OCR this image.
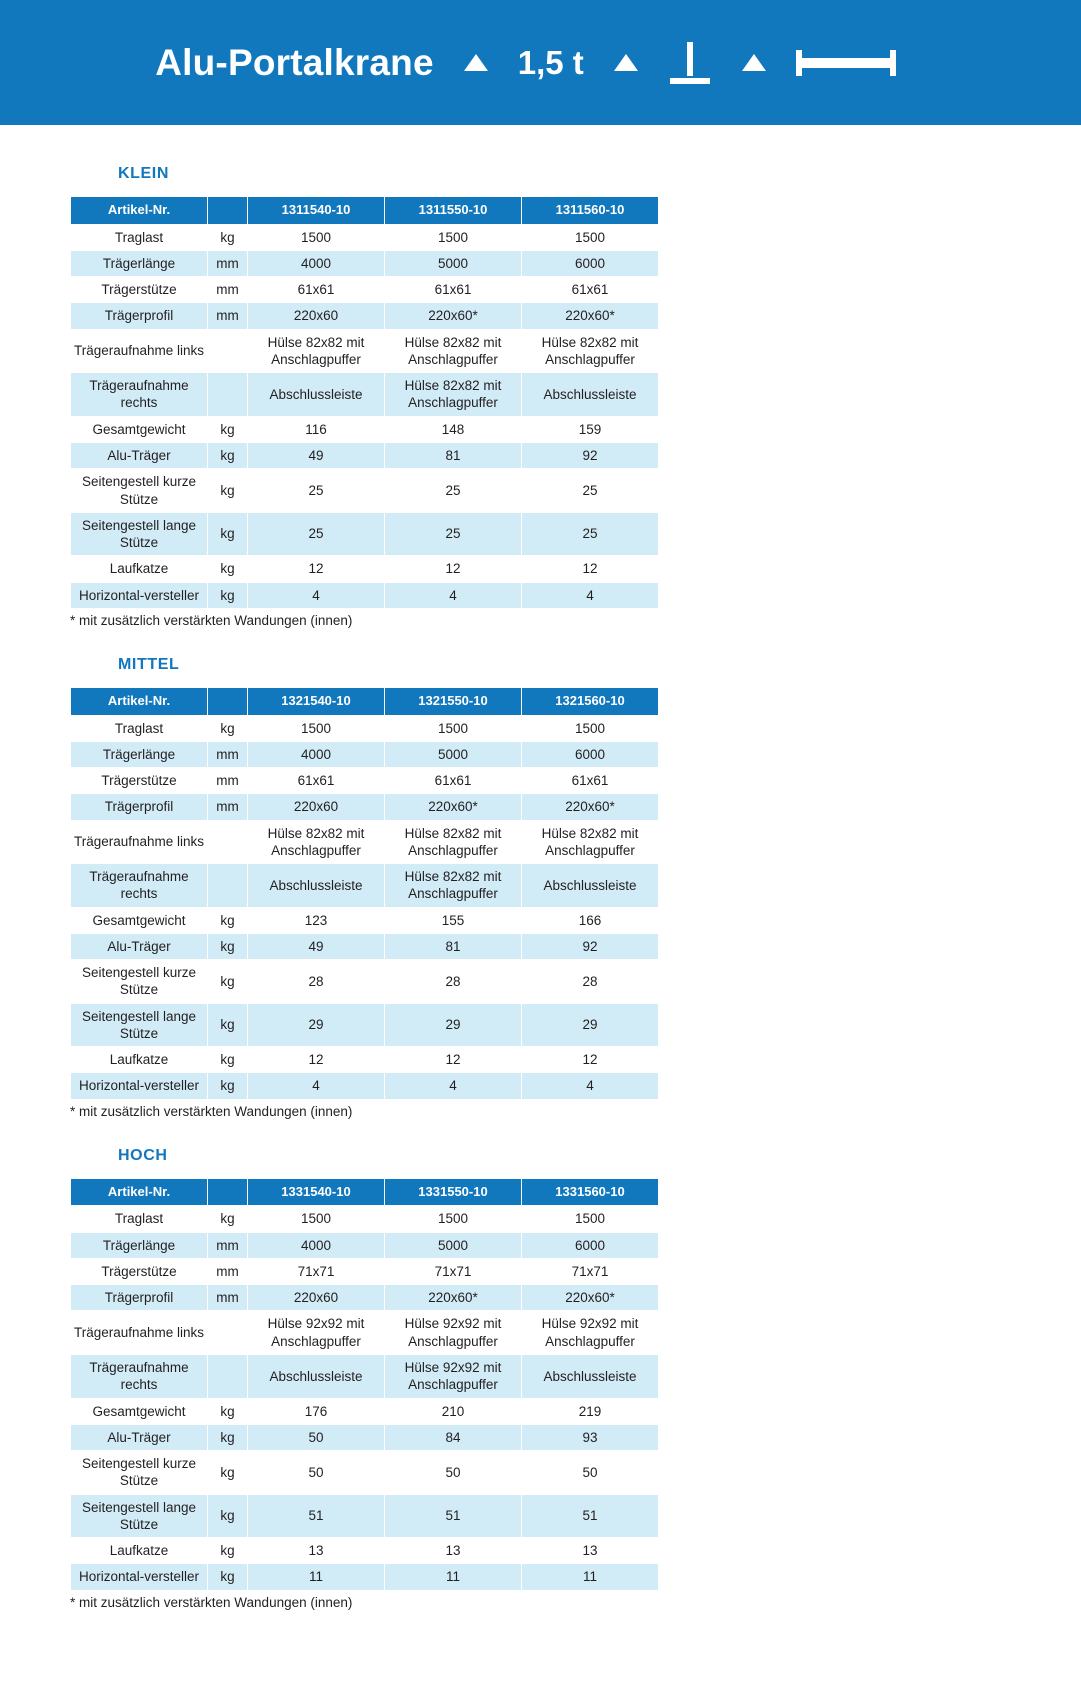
Alu-Portalkrane	1,5 t
KLEIN
Artikel-Nr.		1311540-10	1311550-10	1311560-10
Traglast	kg	1500	1500	1500
Trägerlänge	mm	4000	5000	6000
Trägerstütze	mm	61x61	61x61	61x61
Trägerprofil	mm	220x60	220x60*	220x60*
Trägeraufnahme links		Hülse 82x82 mit Anschlagpuffer	Hülse 82x82 mit Anschlagpuffer	Hülse 82x82 mit Anschlagpuffer
Trägeraufnahme rechts		Abschlussleiste	Hülse 82x82 mit Anschlagpuffer	Abschlussleiste
Gesamtgewicht	kg	116	148	159
Alu-Träger	kg	49	81	92
Seitengestell kurze Stütze	kg	25	25	25
Seitengestell lange Stütze	kg	25	25	25
Laufkatze	kg	12	12	12
Horizontal-versteller	kg	4	4	4
* mit zusätzlich verstärkten Wandungen (innen)
MITTEL
Artikel-Nr.		1321540-10	1321550-10	1321560-10
Traglast	kg	1500	1500	1500
Trägerlänge	mm	4000	5000	6000
Trägerstütze	mm	61x61	61x61	61x61
Trägerprofil	mm	220x60	220x60*	220x60*
Trägeraufnahme links		Hülse 82x82 mit Anschlagpuffer	Hülse 82x82 mit Anschlagpuffer	Hülse 82x82 mit Anschlagpuffer
Trägeraufnahme rechts		Abschlussleiste	Hülse 82x82 mit Anschlagpuffer	Abschlussleiste
Gesamtgewicht	kg	123	155	166
Alu-Träger	kg	49	81	92
Seitengestell kurze Stütze	kg	28	28	28
Seitengestell lange Stütze	kg	29	29	29
Laufkatze	kg	12	12	12
Horizontal-versteller	kg	4	4	4
* mit zusätzlich verstärkten Wandungen (innen)
HOCH
Artikel-Nr.		1331540-10	1331550-10	1331560-10
Traglast	kg	1500	1500	1500
Trägerlänge	mm	4000	5000	6000
Trägerstütze	mm	71x71	71x71	71x71
Trägerprofil	mm	220x60	220x60*	220x60*
Trägeraufnahme links		Hülse 92x92 mit Anschlagpuffer	Hülse 92x92 mit Anschlagpuffer	Hülse 92x92 mit Anschlagpuffer
Trägeraufnahme rechts		Abschlussleiste	Hülse 92x92 mit Anschlagpuffer	Abschlussleiste
Gesamtgewicht	kg	176	210	219
Alu-Träger	kg	50	84	93
Seitengestell kurze Stütze	kg	50	50	50
Seitengestell lange Stütze	kg	51	51	51
Laufkatze	kg	13	13	13
Horizontal-versteller	kg	11	11	11
* mit zusätzlich verstärkten Wandungen (innen)
